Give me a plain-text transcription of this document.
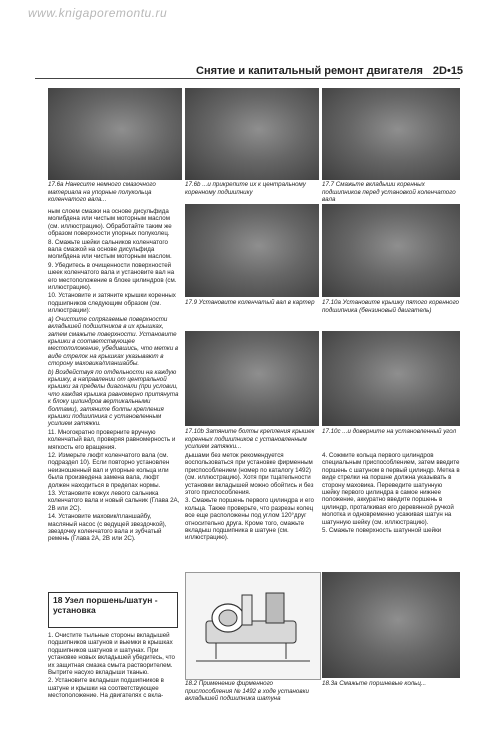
www.knigaporemontu.ru
Снятие и капитальный ремонт двигателя 2D•15
17.6a Нанесите немного смазочного материала на упорные полукольца коленчатого вала...
17.6b ...и прикрепите их к центральному коренному подшипнику
17.7 Смажьте вкладыши коренных подшипников перед установкой коленчатого вала

ным слоем смазки на основе дисульфида молибдена или чистым моторным маслом (см. иллюстрацию). Обработайте таким же образом поверхности упорных полуколец.

8. Смажьте шейки сальников коленчатого вала смазкой на основе дисульфида молибдена или чистым моторным маслом.

9. Убедитесь в очищенности поверхностей шеек коленчатого вала и установите вал на его местоположение в блоке цилиндров (см. иллюстрацию).

10. Установите и затяните крышки коренных подшипников следующим образом (см. иллюстрации):

a) Очистите сопрягаемые поверхности вкладышей подшипников в их крышках, затем смажьте поверхности. Установите крышки в соответствующее местоположение, убедившись, что метки в виде стрелок на крышках указывают в сторону маховика/планшайбы.

b) Воздействуя по отдельности на каждую крышку, в направлении от центральной крышки за пределы диагонали (при условии, что каждая крышка равномерно притянута к блоку цилиндров вертикальными болтами), затяните болты крепления крышки подшипника с установленным усилием затяжки.

11. Многократно проверните вручную коленчатый вал, проверяя равномерность и мягкость его вращения.

12. Измерьте люфт коленчатого вала (см. подраздел 10). Если повторно установлен неизношенный вал и упорные кольца или была произведена замена вала, люфт должен находиться в пределах нормы.

13. Установите кожух левого сальника коленчатого вала и новый сальник (Глава 2A, 2B или 2C).

14. Установите маховик/планшайбу, масляный насос (с ведущей звездочкой), звездочку коленчатого вала и зубчатый ремень (Глава 2A, 2B или 2C).

18 Узел поршень/шатун - установка

1. Очистите тыльные стороны вкладышей подшипников шатунов и выемки в крышках подшипников шатунов и шатунах. При установке новых вкладышей убедитесь, что их защитная смазка смыта растворителем. Вытрите насухо вкладыши тканью.

2. Установите вкладыши подшипников в шатуне и крышки на соответствующее местоположение. На двигателях с вкла-

17.9 Установите коленчатый вал в картер	17.10a Установите крышку пятого коренного подшипника (бензиновый двигатель)
17.10b Затяните болты крепления крышек коренных подшипников с установленным усилием затяжки...
17.10c ...и доверните на установленный угол

дышами без меток рекомендуется воспользоваться при установке фирменным приспособлением (номер по каталогу 1492) (см. иллюстрацию). Хотя при тщательности установки вкладышей можно обойтись и без этого приспособления.

3. Смажьте поршень первого цилиндра и его кольца. Также проверьте, что разрезы колец все еще расположены под углом 120°друг относительно друга. Кроме того, смажьте вкладыш подшипника в шатуне (см. иллюстрацию).

4. Сожмите кольца первого цилиндров специальным приспособлением, затем введите поршень с шатуном в первый цилиндр. Метка в виде стрелки на поршне должна указывать в сторону маховика. Переведите шатунную шейку первого цилиндра в самое нижнее положение, аккуратно введите поршень в цилиндр, проталкивая его деревянной ручкой молотка и одновременно усаживая шатун на шатунную шейку (см. иллюстрацию).

5. Смажьте поверхность шатунной шейки

18.2 Применение фирменного приспособления № 1492 в ходе установки вкладышей подшипника шатуна
18.3a Смажьте поршневые кольц...
